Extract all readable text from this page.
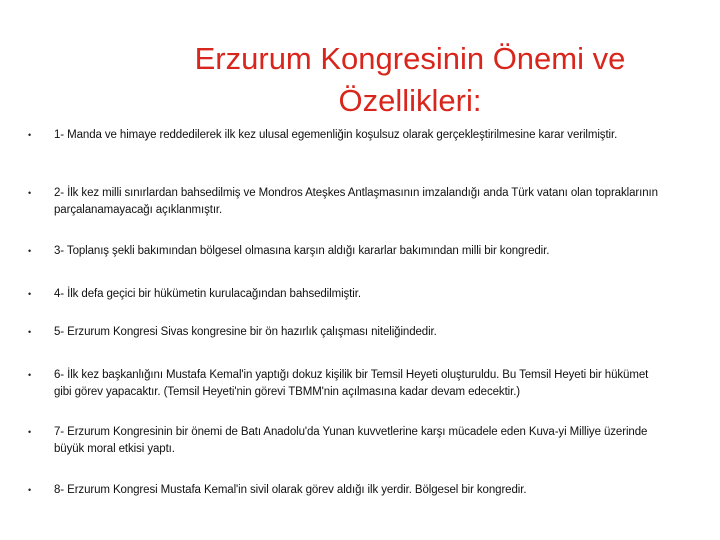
Erzurum Kongresinin Önemi ve Özellikleri:
•	1- Manda ve himaye reddedilerek ilk kez ulusal egemenliğin koşulsuz olarak gerçekleştirilmesine karar verilmiştir.
•	2- İlk kez milli sınırlardan bahsedilmiş ve Mondros Ateşkes Antlaşmasının imzalandığı anda Türk vatanı olan topraklarının parçalanamayacağı açıklanmıştır.
•	3- Toplanış şekli bakımından bölgesel olmasına karşın aldığı kararlar bakımından milli bir kongredir.
•	4- İlk defa geçici bir hükümetin kurulacağından bahsedilmiştir.
•	5- Erzurum Kongresi Sivas kongresine bir ön hazırlık çalışması niteliğindedir.
•	6- İlk kez başkanlığını Mustafa Kemal'in yaptığı dokuz kişilik bir Temsil Heyeti oluşturuldu. Bu Temsil Heyeti bir hükümet gibi görev yapacaktır. (Temsil Heyeti'nin görevi TBMM'nin açılmasına kadar devam edecektir.)
•	7- Erzurum Kongresinin bir önemi de Batı Anadolu'da Yunan kuvvetlerine karşı mücadele eden Kuva-yi Milliye üzerinde büyük moral etkisi yaptı.
•	8- Erzurum Kongresi Mustafa Kemal'in sivil olarak görev aldığı ilk yerdir. Bölgesel bir kongredir.
